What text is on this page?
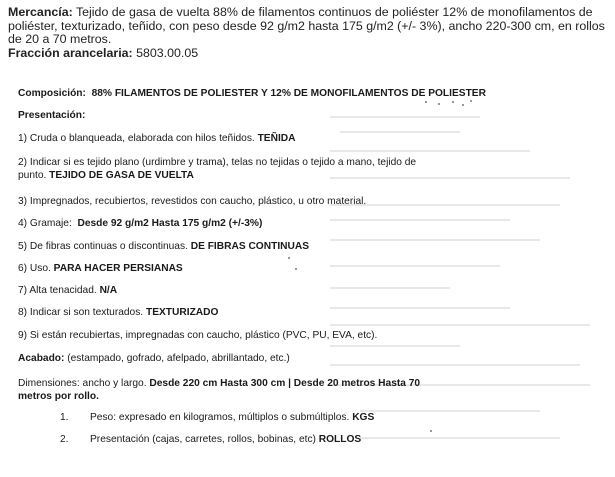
Mercancía: Tejido de gasa de vuelta 88% de filamentos continuos de poliéster 12% de monofilamentos de poliéster, texturizado, teñido, con peso desde 92 g/m2 hasta 175 g/m2 (+/- 3%), ancho 220-300 cm, en rollos de 20 a 70 metros.

Fracción arancelaria: 5803.00.05

Composición: 88% FILAMENTOS DE POLIESTER Y 12% DE MONOFILAMENTOS DE POLIESTER
Presentación:
1) Cruda o blanqueada, elaborada con hilos teñidos. TEÑIDA
2) Indicar si es tejido plano (urdimbre y trama), telas no tejidas o tejido a mano, tejido de
punto. TEJIDO DE GASA DE VUELTA
3) Impregnados, recubiertos, revestidos con caucho, plástico, u otro material.
4) Gramaje:  Desde 92 g/m2 Hasta 175 g/m2 (+/-3%)
5) De fibras continuas o discontinuas. DE FIBRAS CONTINUAS
6) Uso. PARA HACER PERSIANAS
7) Alta tenacidad. N/A
8) Indicar si son texturados. TEXTURIZADO
9) Si están recubiertas, impregnadas con caucho, plástico (PVC, PU, EVA, etc).
Acabado: (estampado, gofrado, afelpado, abrillantado, etc.)
Dimensiones: ancho y largo. Desde 220 cm Hasta 300 cm | Desde 20 metros Hasta 70
metros por rollo.
1. Peso: expresado en kilogramos, múltiplos o submúltiplos. KGS
2. Presentación (cajas, carretes, rollos, bobinas, etc) ROLLOS
